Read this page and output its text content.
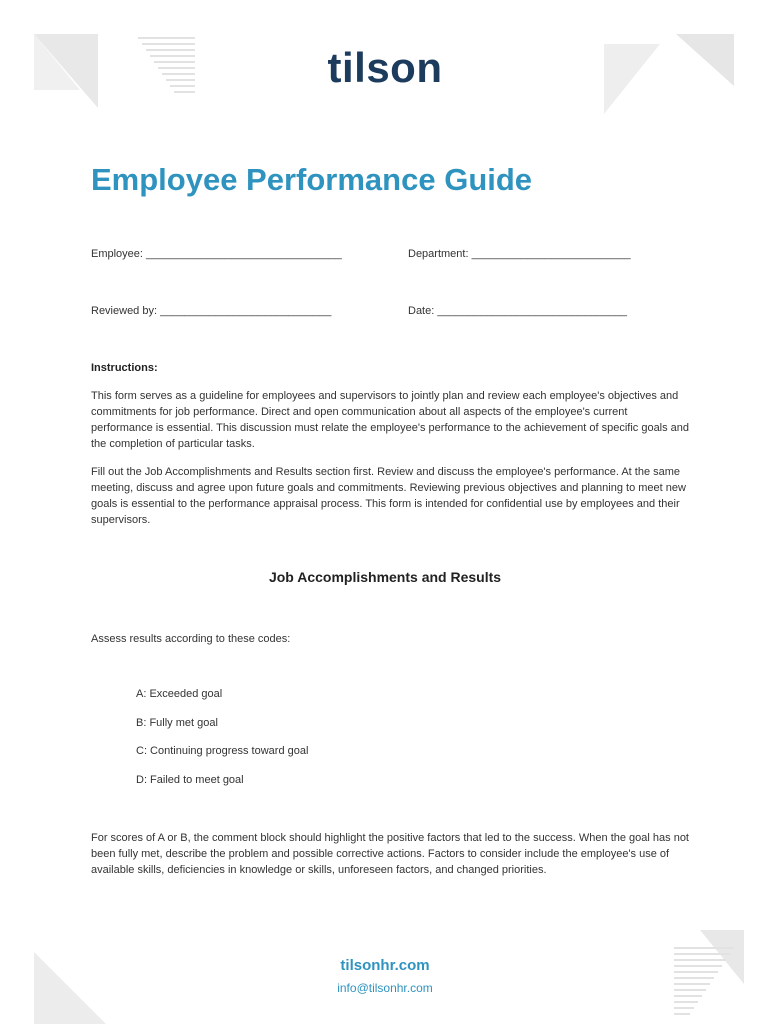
tilson
Employee Performance Guide
Employee: ________________________________	Department: __________________________
Reviewed by: ____________________________	Date: _______________________________
Instructions:

This form serves as a guideline for employees and supervisors to jointly plan and review each employee's objectives and commitments for job performance. Direct and open communication about all aspects of the employee's current performance is essential. This discussion must relate the employee's performance to the achievement of specific goals and the completion of particular tasks.

Fill out the Job Accomplishments and Results section first. Review and discuss the employee's performance. At the same meeting, discuss and agree upon future goals and commitments. Reviewing previous objectives and planning to meet new goals is essential to the performance appraisal process. This form is intended for confidential use by employees and their supervisors.

Job Accomplishments and Results

Assess results according to these codes:

A: Exceeded goal
B: Fully met goal
C: Continuing progress toward goal
D: Failed to meet goal

For scores of A or B, the comment block should highlight the positive factors that led to the success. When the goal has not been fully met, describe the problem and possible corrective actions. Factors to consider include the employee's use of available skills, deficiencies in knowledge or skills, unforeseen factors, and changed priorities.

tilsonhr.com
info@tilsonhr.com
